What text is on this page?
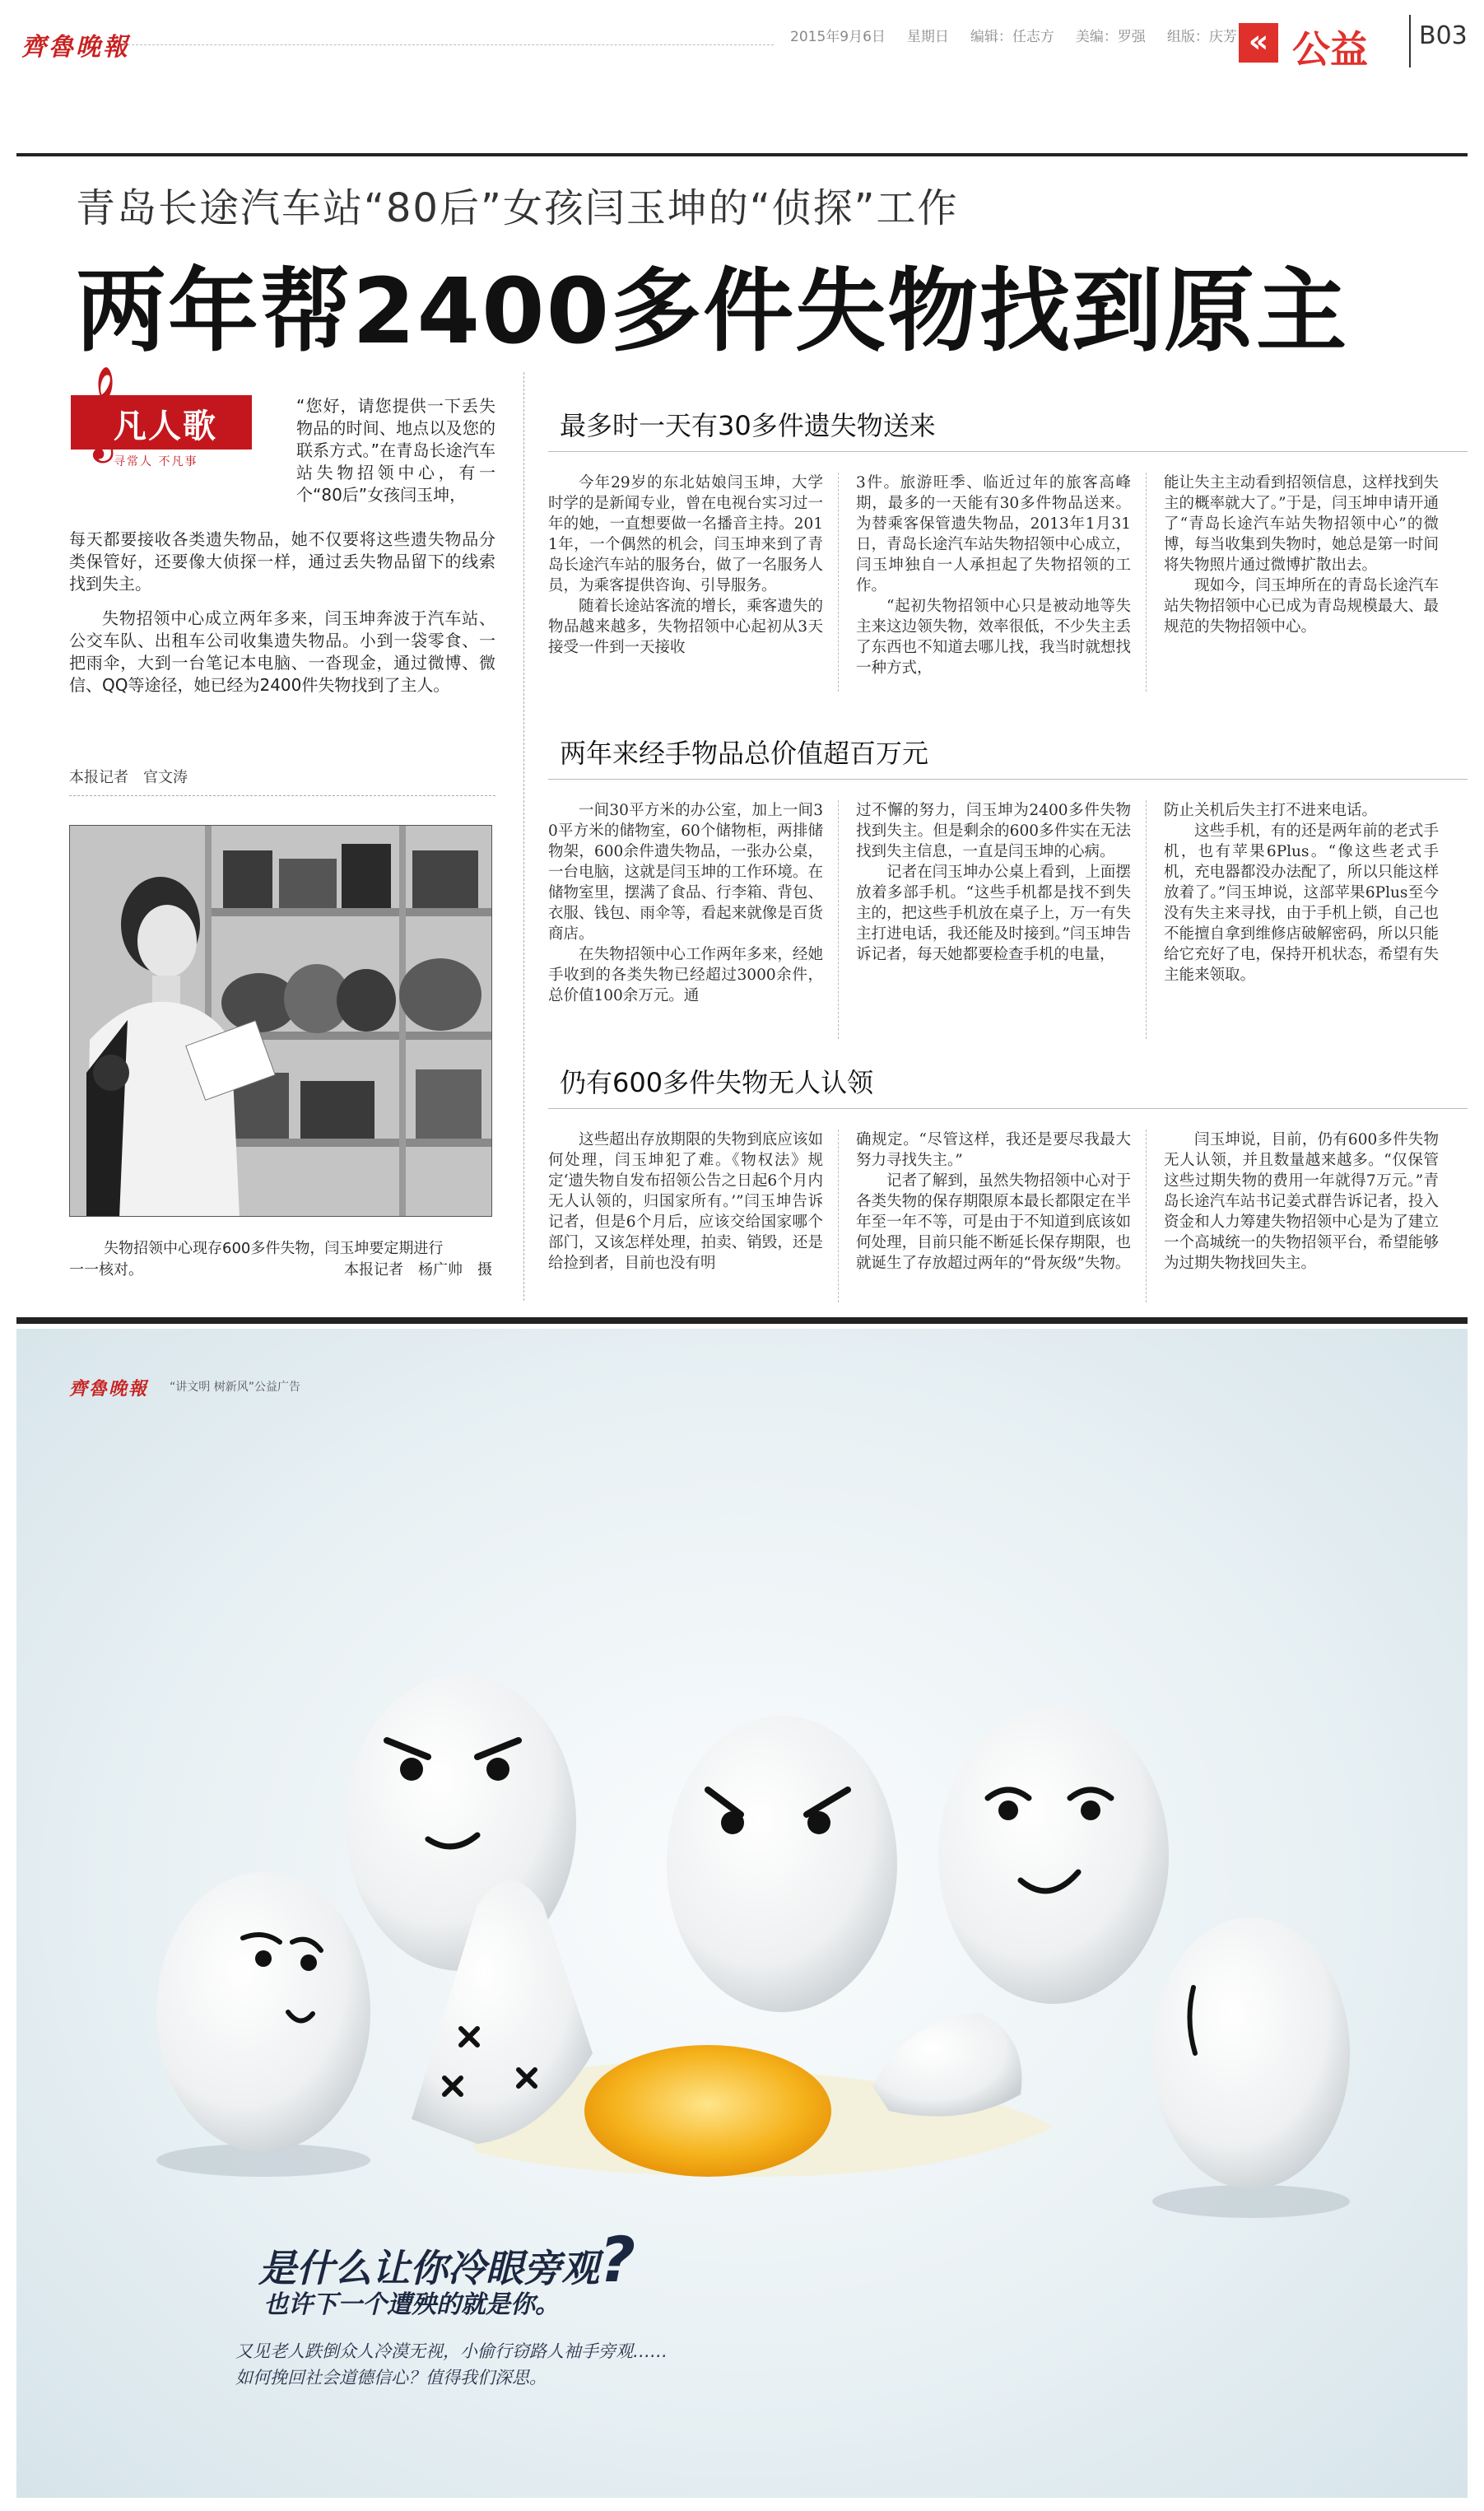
齊魯晚報	2015年9月6日 星期日 编辑：任志方 美编：罗强 组版：庆芳 « 公益 B03
青岛长途汽车站“80后”女孩闫玉坤的“侦探”工作
两年帮2400多件失物找到原主
𝄞
凡人歌
寻常人 不凡事
“您好，请您提供一下丢失物品的时间、地点以及您的联系方式。”在青岛长途汽车站失物招领中心，有一个“80后”女孩闫玉坤，
每天都要接收各类遗失物品，她不仅要将这些遗失物品分类保管好，还要像大侦探一样，通过丢失物品留下的线索找到失主。
失物招领中心成立两年多来，闫玉坤奔波于汽车站、公交车队、出租车公司收集遗失物品。小到一袋零食、一把雨伞，大到一台笔记本电脑、一沓现金，通过微博、微信、QQ等途径，她已经为2400件失物找到了主人。
本报记者　官文涛
失物招领中心现存600多件失物，闫玉坤要定期进行
一一核对。	本报记者　杨广帅　摄
最多时一天有30多件遗失物送来

今年29岁的东北姑娘闫玉坤，大学时学的是新闻专业，曾在电视台实习过一年的她，一直想要做一名播音主持。2011年，一个偶然的机会，闫玉坤来到了青岛长途汽车站的服务台，做了一名服务人员，为乘客提供咨询、引导服务。

随着长途站客流的增长，乘客遗失的物品越来越多，失物招领中心起初从3天接受一件到一天接收

3件。旅游旺季、临近过年的旅客高峰期，最多的一天能有30多件物品送来。为替乘客保管遗失物品，2013年1月31日，青岛长途汽车站失物招领中心成立，闫玉坤独自一人承担起了失物招领的工作。

“起初失物招领中心只是被动地等失主来这边领失物，效率很低，不少失主丢了东西也不知道去哪儿找，我当时就想找一种方式，

能让失主主动看到招领信息，这样找到失主的概率就大了。”于是，闫玉坤申请开通了“青岛长途汽车站失物招领中心”的微博，每当收集到失物时，她总是第一时间将失物照片通过微博扩散出去。

现如今，闫玉坤所在的青岛长途汽车站失物招领中心已成为青岛规模最大、最规范的失物招领中心。

两年来经手物品总价值超百万元

一间30平方米的办公室，加上一间30平方米的储物室，60个储物柜，两排储物架，600余件遗失物品，一张办公桌，一台电脑，这就是闫玉坤的工作环境。在储物室里，摆满了食品、行李箱、背包、衣服、钱包、雨伞等，看起来就像是百货商店。

在失物招领中心工作两年多来，经她手收到的各类失物已经超过3000余件，总价值100余万元。通

过不懈的努力，闫玉坤为2400多件失物找到失主。但是剩余的600多件实在无法找到失主信息，一直是闫玉坤的心病。

记者在闫玉坤办公桌上看到，上面摆放着多部手机。“这些手机都是找不到失主的，把这些手机放在桌子上，万一有失主打进电话，我还能及时接到。”闫玉坤告诉记者，每天她都要检查手机的电量，

防止关机后失主打不进来电话。

这些手机，有的还是两年前的老式手机，也有苹果6Plus。“像这些老式手机，充电器都没办法配了，所以只能这样放着了。”闫玉坤说，这部苹果6Plus至今没有失主来寻找，由于手机上锁，自己也不能擅自拿到维修店破解密码，所以只能给它充好了电，保持开机状态，希望有失主能来领取。

仍有600多件失物无人认领

这些超出存放期限的失物到底应该如何处理，闫玉坤犯了难。《物权法》规定‘遗失物自发布招领公告之日起6个月内无人认领的，归国家所有。’”闫玉坤告诉记者，但是6个月后，应该交给国家哪个部门，又该怎样处理，拍卖、销毁，还是给捡到者，目前也没有明

确规定。“尽管这样，我还是要尽我最大努力寻找失主。”

记者了解到，虽然失物招领中心对于各类失物的保存期限原本最长都限定在半年至一年不等，可是由于不知道到底该如何处理，目前只能不断延长保存期限，也就诞生了存放超过两年的“骨灰级”失物。

闫玉坤说，目前，仍有600多件失物无人认领，并且数量越来越多。“仅保管这些过期失物的费用一年就得7万元。”青岛长途汽车站书记姜式群告诉记者，投入资金和人力筹建失物招领中心是为了建立一个高城统一的失物招领平台，希望能够为过期失物找回失主。

齊魯晚報 “讲文明 树新风”公益广告
是什么让你冷眼旁观?
也许下一个遭殃的就是你。
又见老人跌倒众人冷漠无视，小偷行窃路人袖手旁观……
如何挽回社会道德信心？值得我们深思。
